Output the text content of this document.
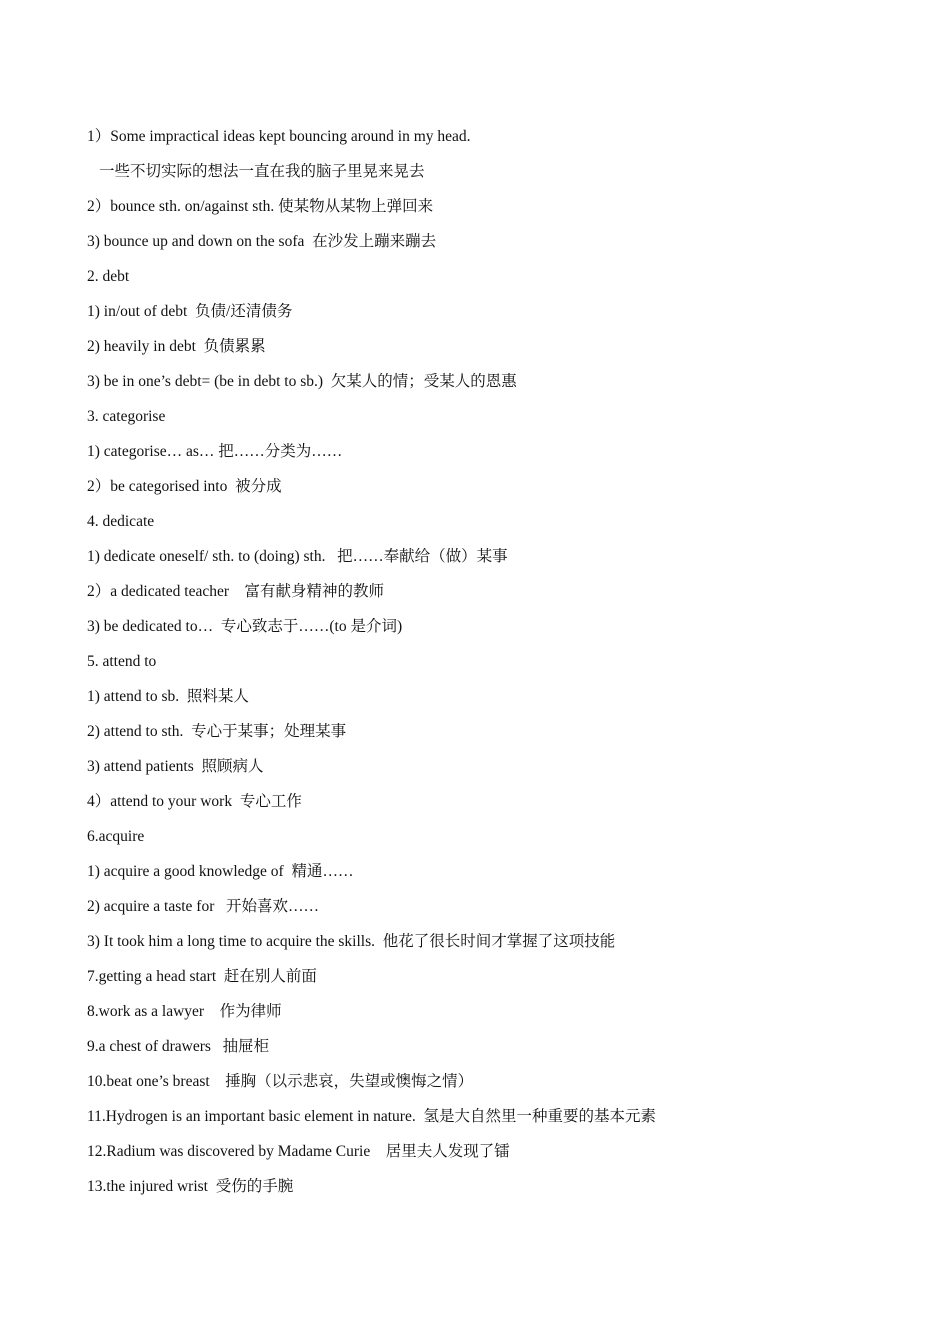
1）Some impractical ideas kept bouncing around in my head.
一些不切实际的想法一直在我的脑子里晃来晃去
2）bounce sth. on/against sth. 使某物从某物上弹回来
3) bounce up and down on the sofa  在沙发上蹦来蹦去
2. debt
1) in/out of debt  负债/还清债务
2) heavily in debt  负债累累
3) be in one’s debt= (be in debt to sb.)  欠某人的情；受某人的恩惠
3. categorise
1) categorise… as… 把……分类为……
2）be categorised into  被分成
4. dedicate
1) dedicate oneself/ sth. to (doing) sth.   把……奉献给（做）某事
2）a dedicated teacher    富有献身精神的教师
3) be dedicated to…  专心致志于……(to 是介词)
5. attend to
1) attend to sb.  照料某人
2) attend to sth.  专心于某事；处理某事
3) attend patients  照顾病人
4）attend to your work  专心工作
6.acquire
1) acquire a good knowledge of  精通……
2) acquire a taste for   开始喜欢……
3) It took him a long time to acquire the skills.  他花了很长时间才掌握了这项技能
7.getting a head start  赶在别人前面
8.work as a lawyer    作为律师
9.a chest of drawers   抽屉柜
10.beat one’s breast    捶胸（以示悲哀，失望或懊悔之情）
11.Hydrogen is an important basic element in nature.  氢是大自然里一种重要的基本元素
12.Radium was discovered by Madame Curie    居里夫人发现了镭
13.the injured wrist  受伤的手腕
